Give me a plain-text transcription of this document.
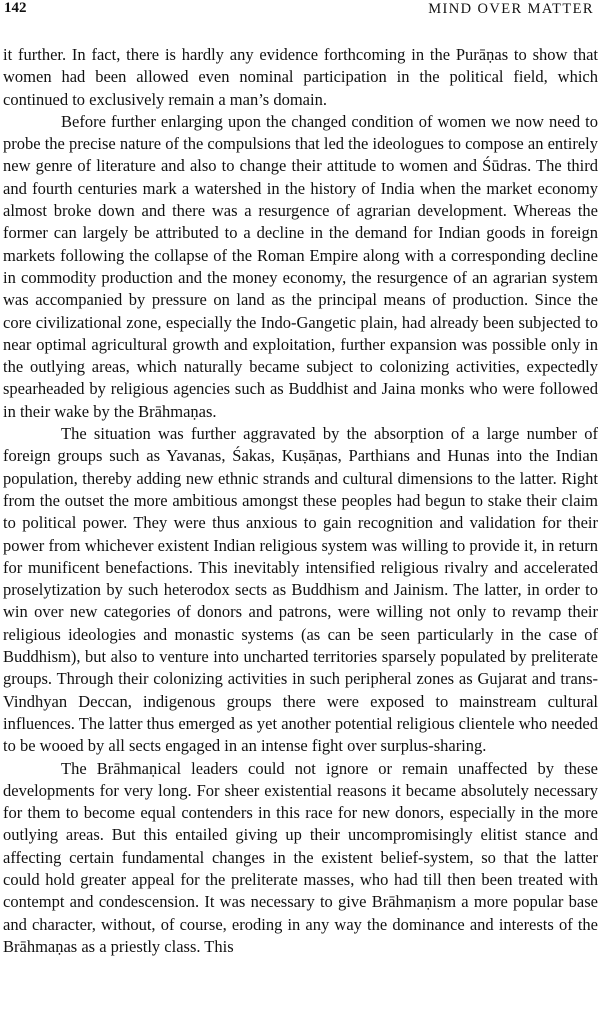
142	MIND OVER MATTER

it further. In fact, there is hardly any evidence forthcoming in the Purāṇas to show that women had been allowed even nominal participation in the political field, which continued to exclusively remain a man’s domain.

Before further enlarging upon the changed condition of women we now need to probe the precise nature of the compulsions that led the ideologues to compose an entirely new genre of literature and also to change their attitude to women and Śūdras. The third and fourth centuries mark a watershed in the history of India when the market economy almost broke down and there was a resurgence of agrarian development. Whereas the former can largely be attributed to a decline in the demand for Indian goods in foreign markets following the collapse of the Roman Empire along with a corresponding decline in commodity production and the money economy, the resurgence of an agrarian system was accompanied by pressure on land as the principal means of production. Since the core civilizational zone, especially the Indo-Gangetic plain, had already been subjected to near optimal agricultural growth and exploitation, further expansion was possible only in the outlying areas, which naturally became subject to colonizing activities, expectedly spearheaded by religious agencies such as Buddhist and Jaina monks who were followed in their wake by the Brāhmaṇas.

The situation was further aggravated by the absorption of a large number of foreign groups such as Yavanas, Śakas, Kuṣāṇas, Parthians and Hunas into the Indian population, thereby adding new ethnic strands and cultural dimensions to the latter. Right from the outset the more ambitious amongst these peoples had begun to stake their claim to political power. They were thus anxious to gain recognition and validation for their power from whichever existent Indian religious system was willing to provide it, in return for munificent benefactions. This inevitably intensified religious rivalry and accelerated proselytization by such heterodox sects as Buddhism and Jainism. The latter, in order to win over new categories of donors and patrons, were willing not only to revamp their religious ideologies and monastic systems (as can be seen particularly in the case of Buddhism), but also to venture into uncharted territories sparsely populated by preliterate groups. Through their colonizing activities in such peripheral zones as Gujarat and trans-Vindhyan Deccan, indigenous groups there were exposed to mainstream cultural influences. The latter thus emerged as yet another potential religious clientele who needed to be wooed by all sects engaged in an intense fight over surplus-sharing.

The Brāhmaṇical leaders could not ignore or remain unaffected by these developments for very long. For sheer existential reasons it became absolutely necessary for them to become equal contenders in this race for new donors, especially in the more outlying areas. But this entailed giving up their uncompromisingly elitist stance and affecting certain fundamental changes in the existent belief-system, so that the latter could hold greater appeal for the preliterate masses, who had till then been treated with contempt and condescension. It was necessary to give Brāhmaṇism a more popular base and character, without, of course, eroding in any way the dominance and interests of the Brāhmaṇas as a priestly class. This
